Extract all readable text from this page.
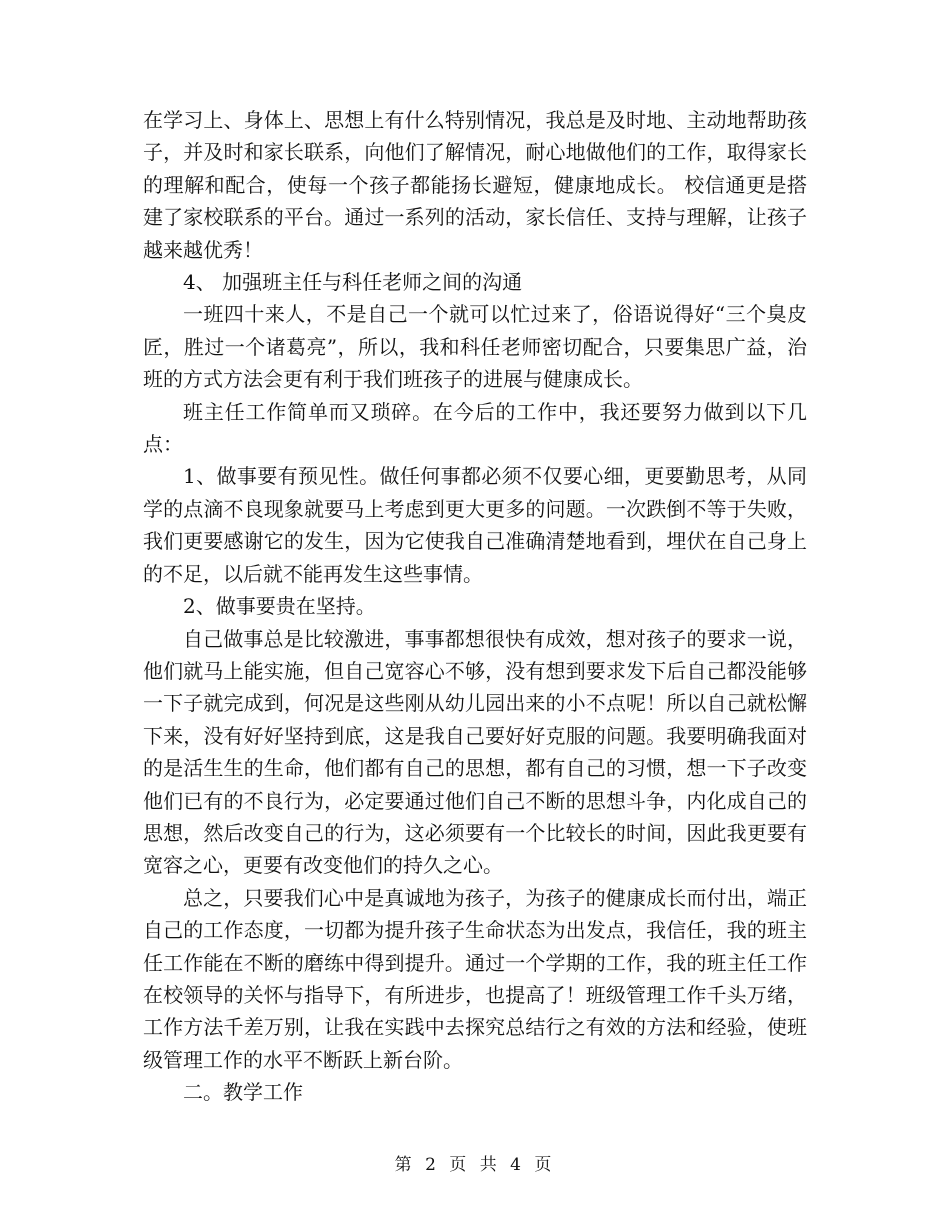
在学习上、身体上、思想上有什么特别情况，我总是及时地、主动地帮助孩子，并及时和家长联系，向他们了解情况，耐心地做他们的工作，取得家长的理解和配合，使每一个孩子都能扬长避短，健康地成长。 校信通更是搭建了家校联系的平台。通过一系列的活动，家长信任、支持与理解，让孩子越来越优秀！

4、 加强班主任与科任老师之间的沟通

一班四十来人，不是自己一个就可以忙过来了，俗语说得好“三个臭皮匠，胜过一个诸葛亮”，所以，我和科任老师密切配合，只要集思广益，治班的方式方法会更有利于我们班孩子的进展与健康成长。

班主任工作简单而又琐碎。在今后的工作中，我还要努力做到以下几点：

1、做事要有预见性。做任何事都必须不仅要心细，更要勤思考，从同学的点滴不良现象就要马上考虑到更大更多的问题。一次跌倒不等于失败，我们更要感谢它的发生，因为它使我自己准确清楚地看到，埋伏在自己身上的不足，以后就不能再发生这些事情。

2、做事要贵在坚持。

自己做事总是比较激进，事事都想很快有成效，想对孩子的要求一说，他们就马上能实施，但自己宽容心不够，没有想到要求发下后自己都没能够一下子就完成到，何况是这些刚从幼儿园出来的小不点呢！所以自己就松懈下来，没有好好坚持到底，这是我自己要好好克服的问题。我要明确我面对的是活生生的生命，他们都有自己的思想，都有自己的习惯，想一下子改变他们已有的不良行为，必定要通过他们自己不断的思想斗争，内化成自己的思想，然后改变自己的行为，这必须要有一个比较长的时间，因此我更要有宽容之心，更要有改变他们的持久之心。

总之，只要我们心中是真诚地为孩子，为孩子的健康成长而付出，端正自己的工作态度，一切都为提升孩子生命状态为出发点，我信任，我的班主任工作能在不断的磨练中得到提升。通过一个学期的工作，我的班主任工作在校领导的关怀与指导下，有所进步，也提高了！班级管理工作千头万绪，工作方法千差万别，让我在实践中去探究总结行之有效的方法和经验，使班级管理工作的水平不断跃上新台阶。

二。教学工作

第 2 页 共 4 页
